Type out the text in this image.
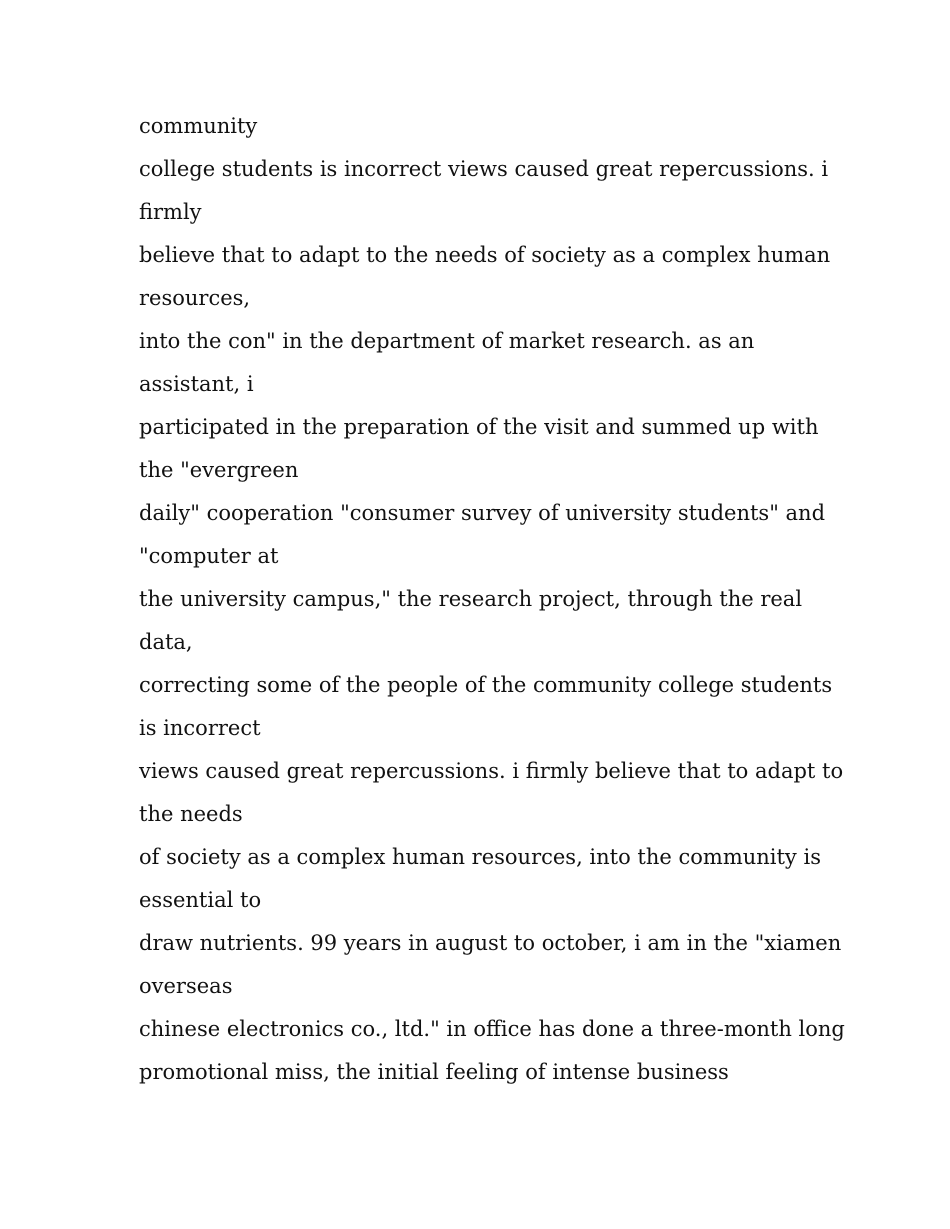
community
college students is incorrect views caused great repercussions. i
firmly
believe that to adapt to the needs of society as a complex human
resources,
into the con" in the department of market research. as an
assistant, i
participated in the preparation of the visit and summed up with
the "evergreen
daily" cooperation "consumer survey of university students" and
"computer at
the university campus," the research project, through the real
data,
correcting some of the people of the community college students
is incorrect
views caused great repercussions. i firmly believe that to adapt to
the needs
of society as a complex human resources, into the community is
essential to
draw nutrients. 99 years in august to october, i am in the "xiamen
overseas
chinese electronics co., ltd." in office has done a three-month long
promotional miss, the initial feeling of intense business
